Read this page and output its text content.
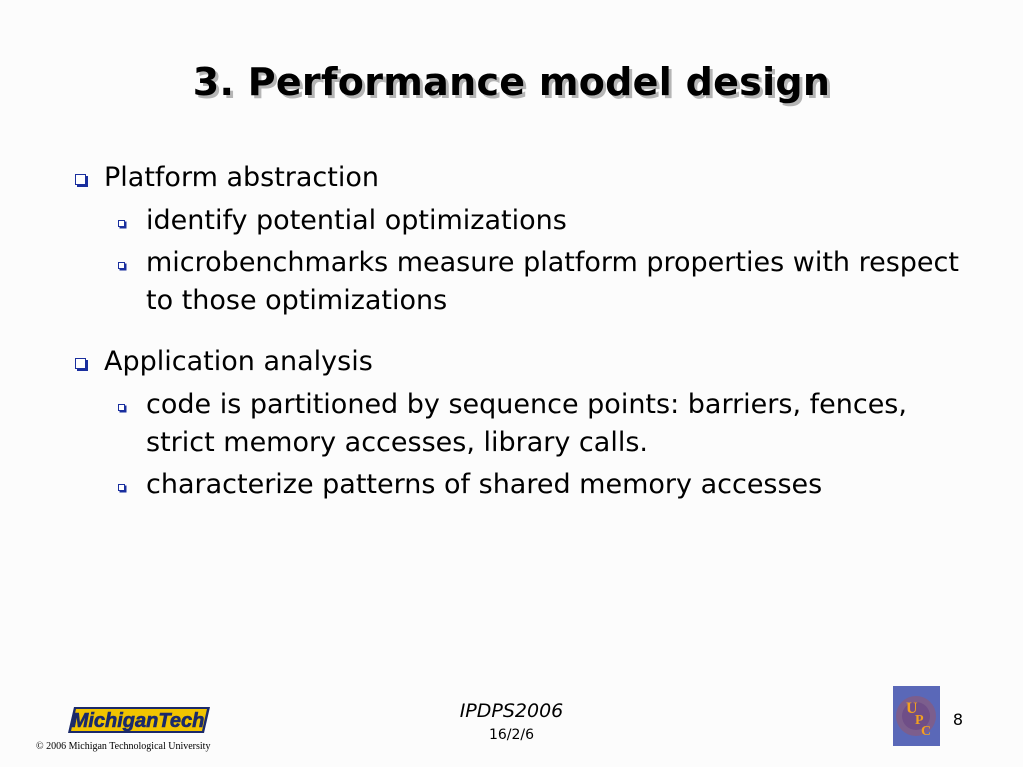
3. Performance model design
Platform abstraction
identify potential optimizations
microbenchmarks measure platform properties with respect to those optimizations
Application analysis
code is partitioned by sequence points: barriers, fences, strict memory accesses, library calls.
characterize patterns of shared memory accesses
MichiganTech
© 2006 Michigan Technological University
IPDPS2006
16/2/6
U
P
C
8
